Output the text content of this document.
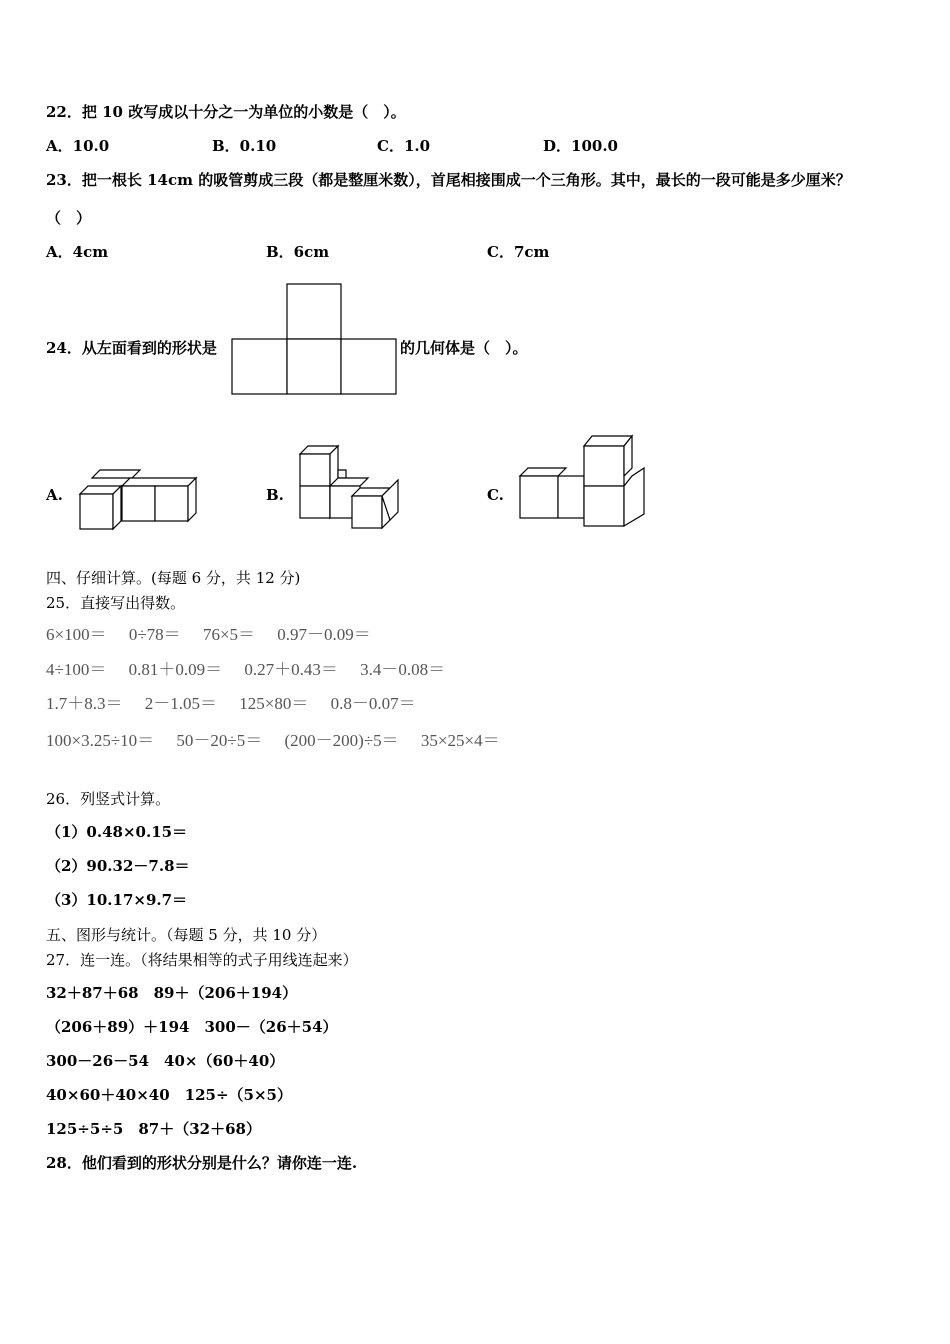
22．把 10 改写成以十分之一为单位的小数是（　）。
A．10.0	B．0.10	C．1.0	D．100.0
23．把一根长 14cm 的吸管剪成三段（都是整厘米数），首尾相接围成一个三角形。其中，最长的一段可能是多少厘米？
（　）
A．4cm	B．6cm	C．7cm
24．从左面看到的形状是	的几何体是（　）。
A.	B.	C.
四、仔细计算。(每题 6 分，共 12 分)
25．直接写出得数。
6×100＝ 0÷78＝ 76×5＝ 0.97－0.09＝
4÷100＝ 0.81＋0.09＝ 0.27＋0.43＝ 3.4－0.08＝
1.7＋8.3＝ 2－1.05＝ 125×80＝ 0.8－0.07＝
100×3.25÷10＝ 50－20÷5＝ (200－200)÷5＝ 35×25×4＝
26．列竖式计算。
（1）0.48×0.15＝
（2）90.32－7.8＝
（3）10.17×9.7＝
五、图形与统计。（每题 5 分，共 10 分）
27．连一连。（将结果相等的式子用线连起来）
32＋87＋68　89＋（206＋194）
（206＋89）＋194　300－（26＋54）
300－26－54　40×（60＋40）
40×60＋40×40　125÷（5×5）
125÷5÷5　87＋（32＋68）
28．他们看到的形状分别是什么？请你连一连.
